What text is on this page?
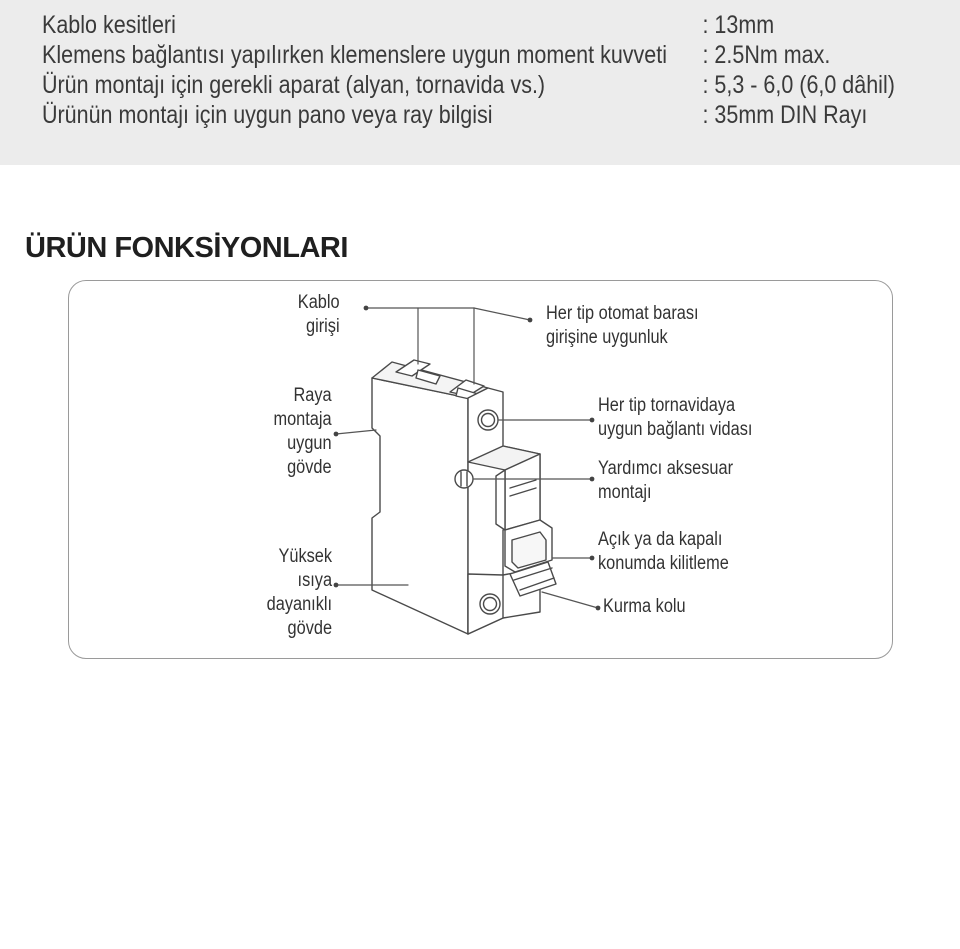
Kablo kesitleri	: 13mm
Klemens bağlantısı yapılırken klemenslere uygun moment kuvveti : 2.5Nm max.
Ürün montajı için gerekli aparat (alyan, tornavida vs.)	: 5,3 - 6,0 (6,0 dâhil)
Ürünün montajı için uygun pano veya ray bilgisi	: 35mm DIN Rayı
ÜRÜN FONKSİYONLARI
Kablo
girişi
Raya
montaja
uygun
gövde
Yüksek
ısıya
dayanıklı
gövde
Her tip otomat barası
girişine uygunluk
Her tip tornavidaya
uygun bağlantı vidası
Yardımcı aksesuar
montajı
Açık ya da kapalı
konumda kilitleme
Kurma kolu
